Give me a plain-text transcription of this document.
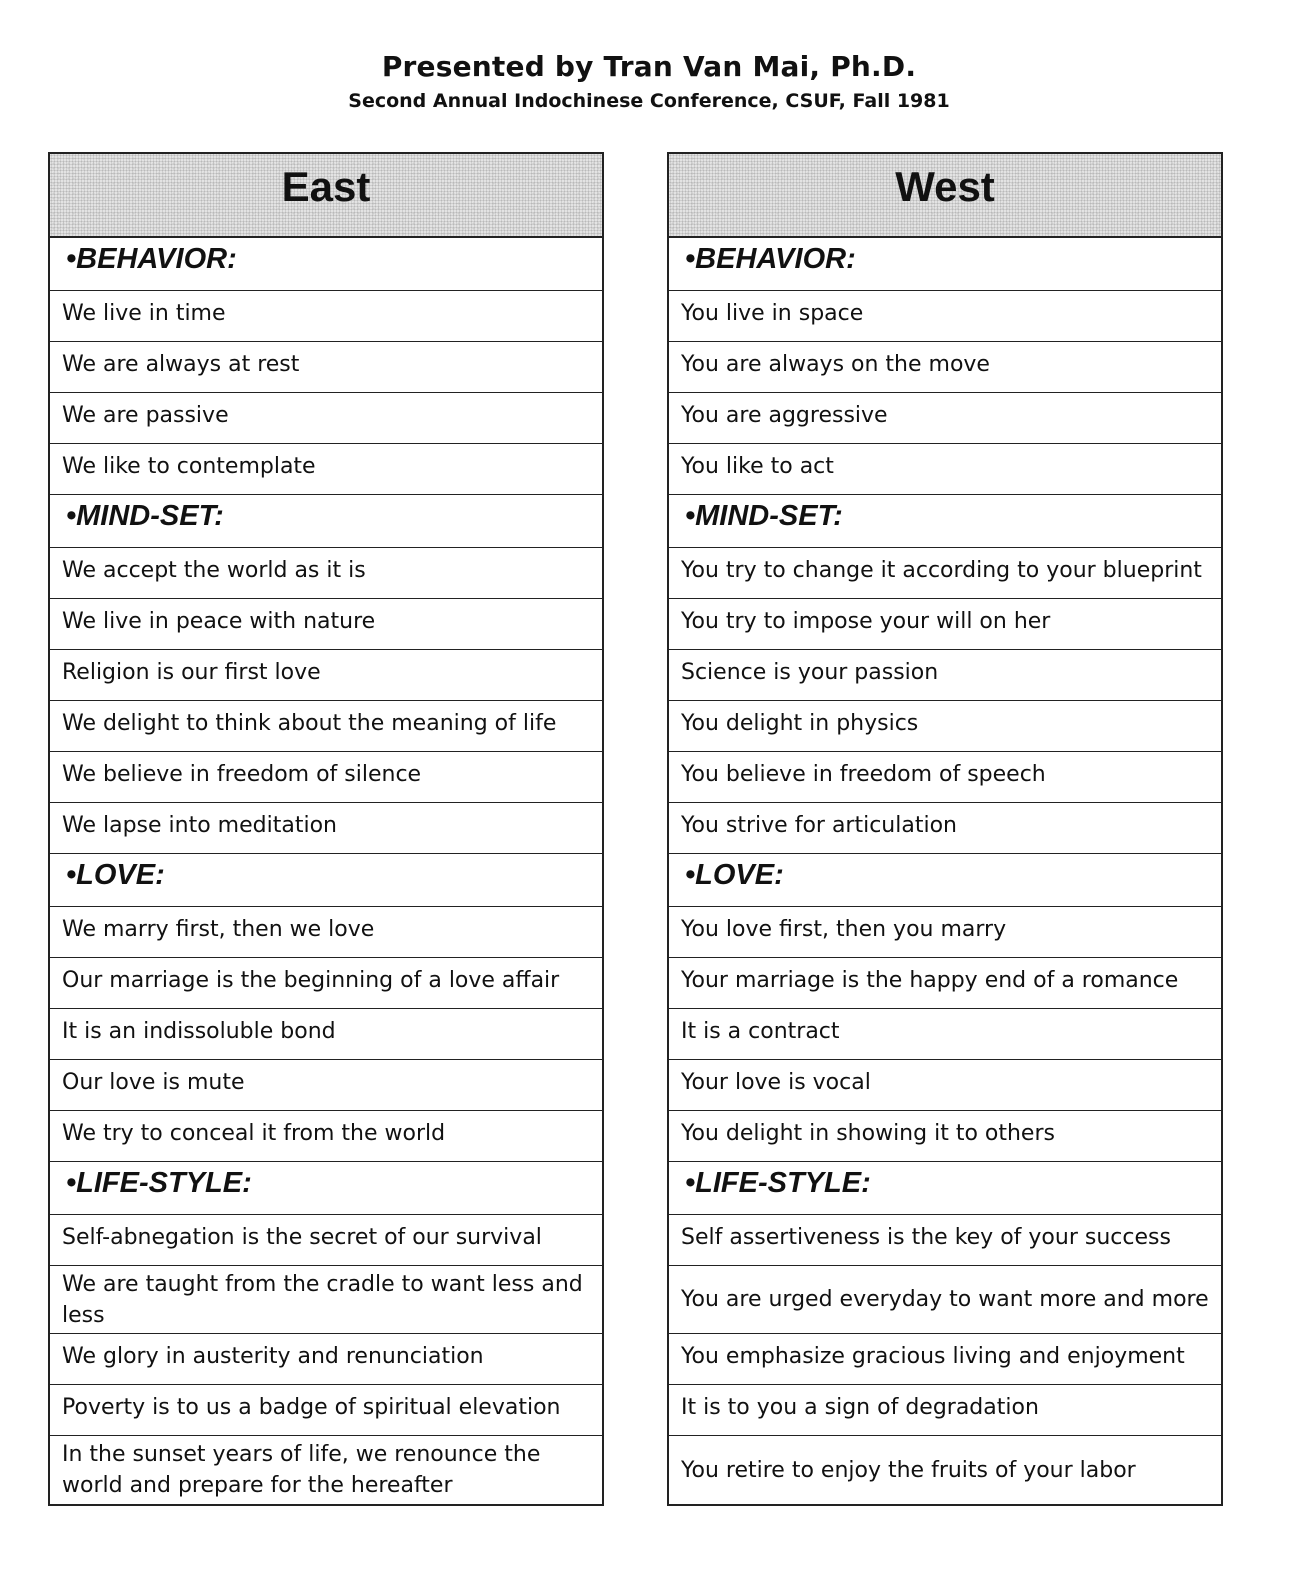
Presented by Tran Van Mai, Ph.D.

Second Annual Indochinese Conference, CSUF, Fall 1981

East
•BEHAVIOR:
We live in time
We are always at rest
We are passive
We like to contemplate
•MIND-SET:
We accept the world as it is
We live in peace with nature
Religion is our first love
We delight to think about the meaning of life
We believe in freedom of silence
We lapse into meditation
•LOVE:
We marry first, then we love
Our marriage is the beginning of a love affair
It is an indissoluble bond
Our love is mute
We try to conceal it from the world
•LIFE-STYLE:
Self-abnegation is the secret of our survival
We are taught from the cradle to want less and less
We glory in austerity and renunciation
Poverty is to us a badge of spiritual elevation
In the sunset years of life, we renounce the world and prepare for the hereafter
West
•BEHAVIOR:
You live in space
You are always on the move
You are aggressive
You like to act
•MIND-SET:
You try to change it according to your blueprint
You try to impose your will on her
Science is your passion
You delight in physics
You believe in freedom of speech
You strive for articulation
•LOVE:
You love first, then you marry
Your marriage is the happy end of a romance
It is a contract
Your love is vocal
You delight in showing it to others
•LIFE-STYLE:
Self assertiveness is the key of your success
You are urged everyday to want more and more
You emphasize gracious living and enjoyment
It is to you a sign of degradation
You retire to enjoy the fruits of your labor
